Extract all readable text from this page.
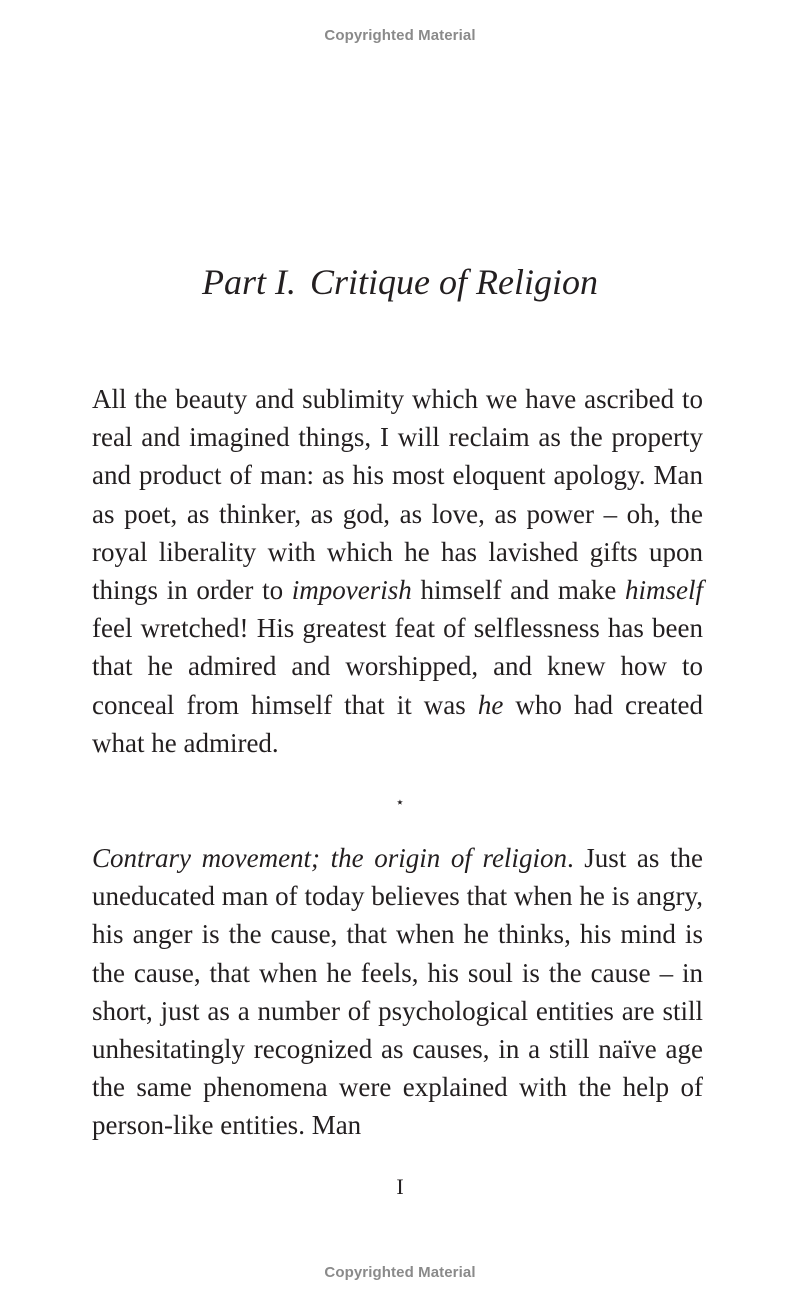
Copyrighted Material
Part I. Critique of Religion

All the beauty and sublimity which we have ascribed to real and imagined things, I will reclaim as the property and product of man: as his most eloquent apology. Man as poet, as thinker, as god, as love, as power – oh, the royal liberality with which he has lavished gifts upon things in order to impoverish himself and make himself feel wretched! His greatest feat of selflessness has been that he admired and worshipped, and knew how to conceal from himself that it was he who had created what he admired.

⋆

Contrary movement; the origin of religion. Just as the uneducated man of today believes that when he is angry, his anger is the cause, that when he thinks, his mind is the cause, that when he feels, his soul is the cause – in short, just as a number of psychological entities are still unhesitatingly recognized as causes, in a still naïve age the same phenomena were explained with the help of person-like entities. Man

I
Copyrighted Material
